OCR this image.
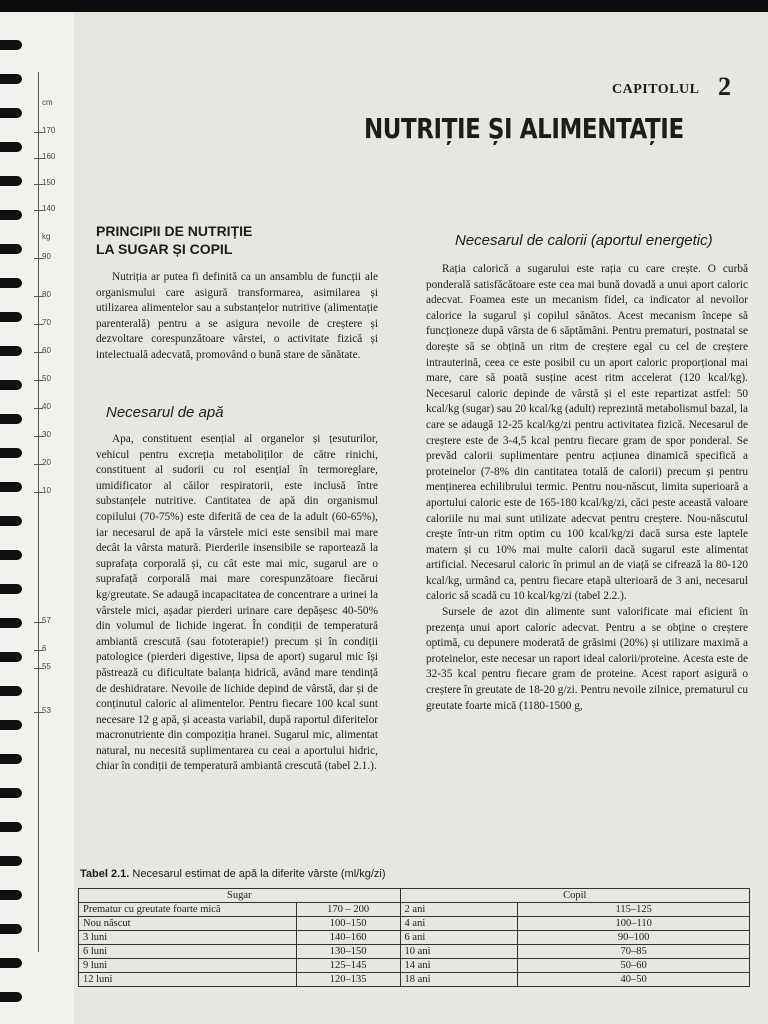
cm
kg
170
160
150
140
90
80
70
60
50
40
30
20
10
57
6
55
53
CAPITOLUL 2
NUTRIȚIE ȘI ALIMENTAȚIE
PRINCIPII DE NUTRIȚIE
LA SUGAR ȘI COPIL

Nutriția ar putea fi definită ca un ansamblu de funcții ale organismului care asigură transformarea, asimilarea și utilizarea alimentelor sau a substanțelor nutritive (alimentație parenterală) pentru a se asigura nevoile de creștere și dezvoltare corespunzătoare vârstei, o activitate fizică și intelectuală adecvată, promovând o bună stare de sănătate.

Necesarul de apă

Apa, constituent esențial al organelor și țesuturilor, vehicul pentru excreția metaboliților de către rinichi, constituent al sudorii cu rol esențial în termoreglare, umidificator al căilor respiratorii, este inclusă între substanțele nutritive. Cantitatea de apă din organismul copilului (70-75%) este diferită de cea de la adult (60-65%), iar necesarul de apă la vârstele mici este sensibil mai mare decât la vârsta matură. Pierderile insensibile se raportează la suprafața corporală și, cu cât este mai mic, sugarul are o suprafață corporală mai mare corespunzătoare fiecărui kg/greutate. Se adaugă incapacitatea de concentrare a urinei la vârstele mici, așadar pierderi urinare care depășesc 40-50% din volumul de lichide ingerat. În condiții de temperatură ambiantă crescută (sau fototerapie!) precum și în condiții patologice (pierderi digestive, lipsa de aport) sugarul mic își păstrează cu dificultate balanța hidrică, având mare tendință de deshidratare. Nevoile de lichide depind de vârstă, dar și de conținutul caloric al alimentelor. Pentru fiecare 100 kcal sunt necesare 12 g apă, și aceasta variabil, după raportul diferitelor macronutriente din compoziția hranei. Sugarul mic, alimentat natural, nu necesită suplimentarea cu ceai a aportului hidric, chiar în condiții de temperatură ambiantă crescută (tabel 2.1.).

Necesarul de calorii (aportul energetic)

Rația calorică a sugarului este rația cu care crește. O curbă ponderală satisfăcătoare este cea mai bună dovadă a unui aport caloric adecvat. Foamea este un mecanism fidel, ca indicator al nevoilor calorice la sugarul și copilul sănătos. Acest mecanism începe să funcționeze după vârsta de 6 săptămâni. Pentru prematuri, postnatal se dorește să se obțină un ritm de creștere egal cu cel de creștere intrauterină, ceea ce este posibil cu un aport caloric proporțional mai mare, care să poată susține acest ritm accelerat (120 kcal/kg). Necesarul caloric depinde de vârstă și el este repartizat astfel: 50 kcal/kg (sugar) sau 20 kcal/kg (adult) reprezintă metabolismul bazal, la care se adaugă 12-25 kcal/kg/zi pentru activitatea fizică. Necesarul de creștere este de 3-4,5 kcal pentru fiecare gram de spor ponderal. Se prevăd calorii suplimentare pentru acțiunea dinamică specifică a proteinelor (7-8% din cantitatea totală de calorii) precum și pentru menținerea echilibrului termic. Pentru nou-născut, limita superioară a aportului caloric este de 165-180 kcal/kg/zi, căci peste această valoare caloriile nu mai sunt utilizate adecvat pentru creștere. Nou-născutul crește într-un ritm optim cu 100 kcal/kg/zi dacă sursa este laptele matern și cu 10% mai multe calorii dacă sugarul este alimentat artificial. Necesarul caloric în primul an de viață se cifrează la 80-120 kcal/kg, urmând ca, pentru fiecare etapă ulterioară de 3 ani, necesarul caloric să scadă cu 10 kcal/kg/zi (tabel 2.2.).

Sursele de azot din alimente sunt valorificate mai eficient în prezența unui aport caloric adecvat. Pentru a se obține o creștere optimă, cu depunere moderată de grăsimi (20%) și utilizare maximă a proteinelor, este necesar un raport ideal calorii/proteine. Acesta este de 32-35 kcal pentru fiecare gram de proteine. Acest raport asigură o creștere în greutate de 18-20 g/zi. Pentru nevoile zilnice, prematurul cu greutate foarte mică (1180-1500 g,

Tabel 2.1. Necesarul estimat de apă la diferite vârste (ml/kg/zi)
Sugar		Copil	
Prematur cu greutate foarte mică	170 – 200	2 ani	115–125
Nou născut	100–150	4 ani	100–110
3 luni	140–160	6 ani	90–100
6 luni	130–150	10 ani	70–85
9 luni	125–145	14 ani	50–60
12 luni	120–135	18 ani	40–50
